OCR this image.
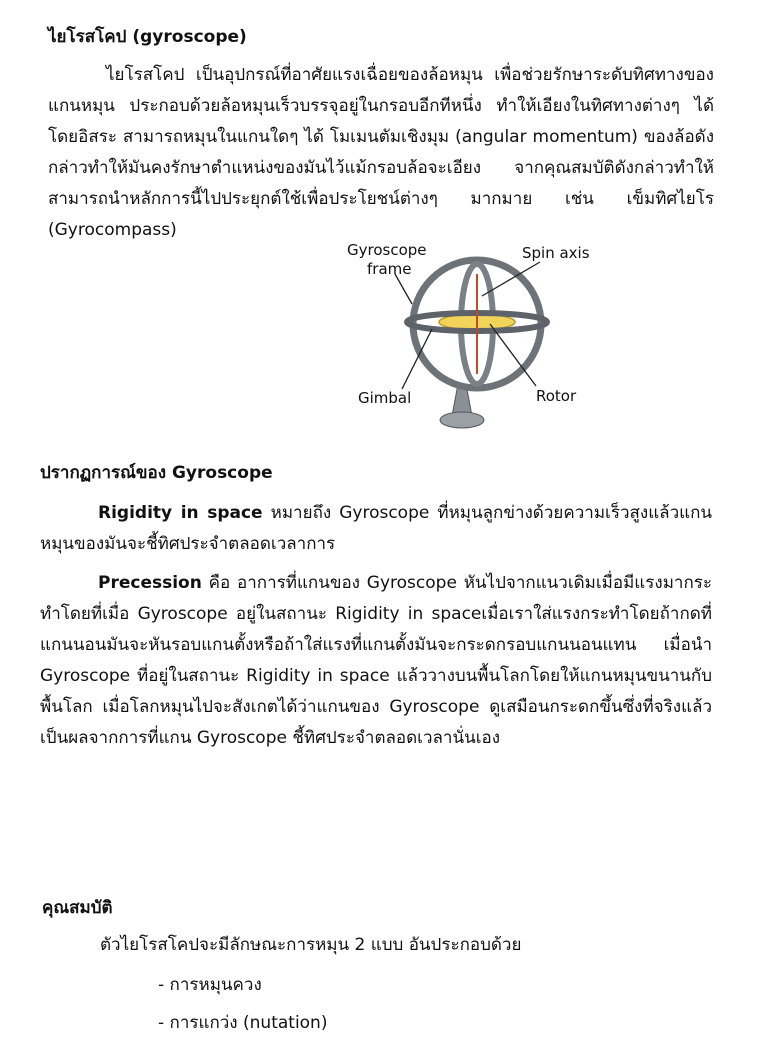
ไยโรสโคป (gyroscope)
ไยโรสโคป เป็นอุปกรณ์ที่อาศัยแรงเฉื่อยของล้อหมุน เพื่อช่วยรักษาระดับทิศทางของแกนหมุน ประกอบด้วยล้อหมุนเร็วบรรจุอยู่ในกรอบอีกทีหนึ่ง ทำให้เอียงในทิศทางต่างๆ ได้โดยอิสระ สามารถหมุนในแกนใดๆ ได้ โมเมนตัมเชิงมุม (angular momentum) ของล้อดังกล่าวทำให้มันคงรักษาตำแหน่งของมันไว้แม้กรอบล้อจะเอียง จากคุณสมบัติดังกล่าวทำให้สามารถนำหลักการนี้ไปประยุกต์ใช้เพื่อประโยชน์ต่างๆ มากมาย เช่น เข็มทิศไยโร (Gyrocompass)
Gyroscope
frame
Spin axis
Gimbal	Rotor
ปรากฏการณ์ของ Gyroscope
Rigidity in space หมายถึง Gyroscope ที่หมุนลูกข่างด้วยความเร็วสูงแล้วแกนหมุนของมันจะชี้ทิศประจำตลอดเวลาการ
Precession คือ อาการที่แกนของ Gyroscope หันไปจากแนวเดิมเมื่อมีแรงมากระทำโดยที่เมื่อ Gyroscope อยู่ในสถานะ Rigidity in spaceเมื่อเราใส่แรงกระทำโดยถ้ากดที่แกนนอนมันจะหันรอบแกนตั้งหรือถ้าใส่แรงที่แกนตั้งมันจะกระดกรอบแกนนอนแทน เมื่อนำ Gyroscope ที่อยู่ในสถานะ Rigidity in space แล้ววางบนพื้นโลกโดยให้แกนหมุนขนานกับพื้นโลก เมื่อโลกหมุนไปจะสังเกตได้ว่าแกนของ Gyroscope ดูเสมือนกระดกขึ้นซึ่งที่จริงแล้วเป็นผลจากการที่แกน Gyroscope ชี้ทิศประจำตลอดเวลานั่นเอง
คุณสมบัติ
ตัวไยโรสโคปจะมีลักษณะการหมุน 2 แบบ อันประกอบด้วย
- การหมุนควง
- การแกว่ง (nutation)
